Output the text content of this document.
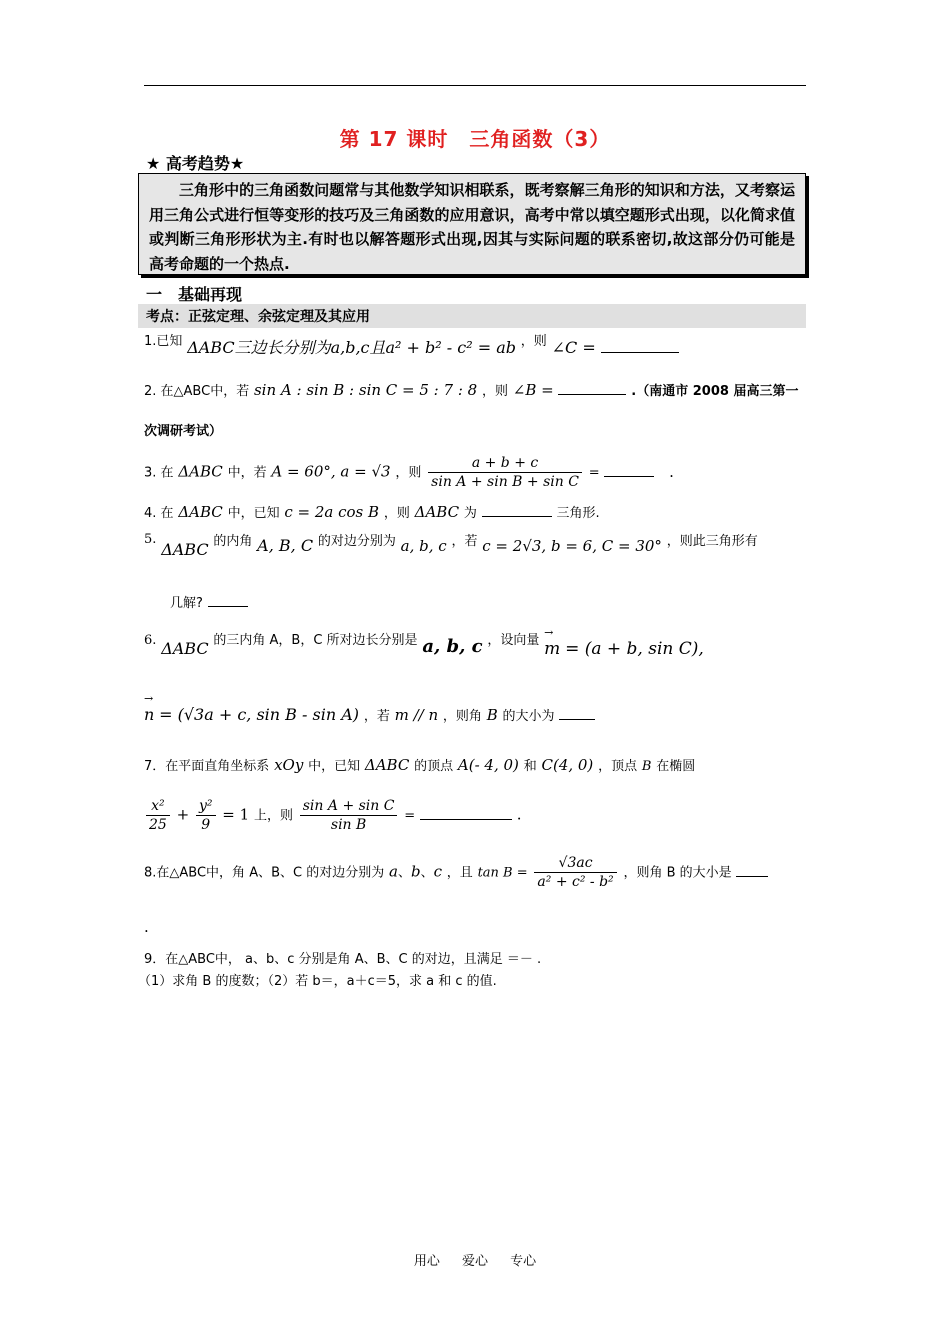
第 17 课时　三角函数（3）
★ 高考趋势★

三角形中的三角函数问题常与其他数学知识相联系，既考察解三角形的知识和方法，又考察运用三角公式进行恒等变形的技巧及三角函数的应用意识，高考中常以填空题形式出现，以化简求值或判断三角形形状为主.有时也以解答题形式出现,因其与实际问题的联系密切,故这部分仍可能是高考命题的一个热点.

一　基础再现
考点：正弦定理、余弦定理及其应用
1.已知 ΔABC三边长分别为a,b,c且a² + b² - c² = ab ，则 ∠C =
2. 在△ABC中，若 sin A : sin B : sin C = 5 : 7 : 8 ，则 ∠B =	.（南通市 2008 届高三第一
次调研考试）
3. 在 ΔABC 中，若 A = 60°, a = √3 ，则 $\frac{a + b + c}{\text{sin A + sin B + sin C}}$ =	.
4. 在 ΔABC 中，已知 c = 2a cos B ，则 ΔABC 为	三角形.
5. ΔABC 的内角 A, B, C 的对边分别为 a, b, c ，若 c = 2√3, b = 6, C = 30° ，则此三角形有
几解?
6. ΔABC 的三内角 A，B，C 所对边长分别是 a, b, c ，设向量 → m = (a + b, sin C),
→ n = (√3a + c, sin B - sin A) ，若 m // n ，则角 B 的大小为
7．在平面直角坐标系 xOy 中，已知 ΔABC 的顶点 A(- 4, 0) 和 C(4, 0) ，顶点 B 在椭圆
$\frac{\text{x²}}{25} + \frac{\text{y²}}{9} = 1$ 上，则 $\frac{\text{sin A + sin C}}{\text{sin B}}$ =	.
8.在△ABC中，角 A、B、C 的对边分别为 a、b、c ，且 $\tan B = \frac{√3ac}{\text{a² + c² - b²}}$ ，则角 B 的大小是
.
9．在△ABC中， a、b、c 分别是角 A、B、C 的对边，且满足 ＝－ .
（1）求角 B 的度数；（2）若 b＝，a＋c＝5，求 a 和 c 的值.
用心 爱心 专心
